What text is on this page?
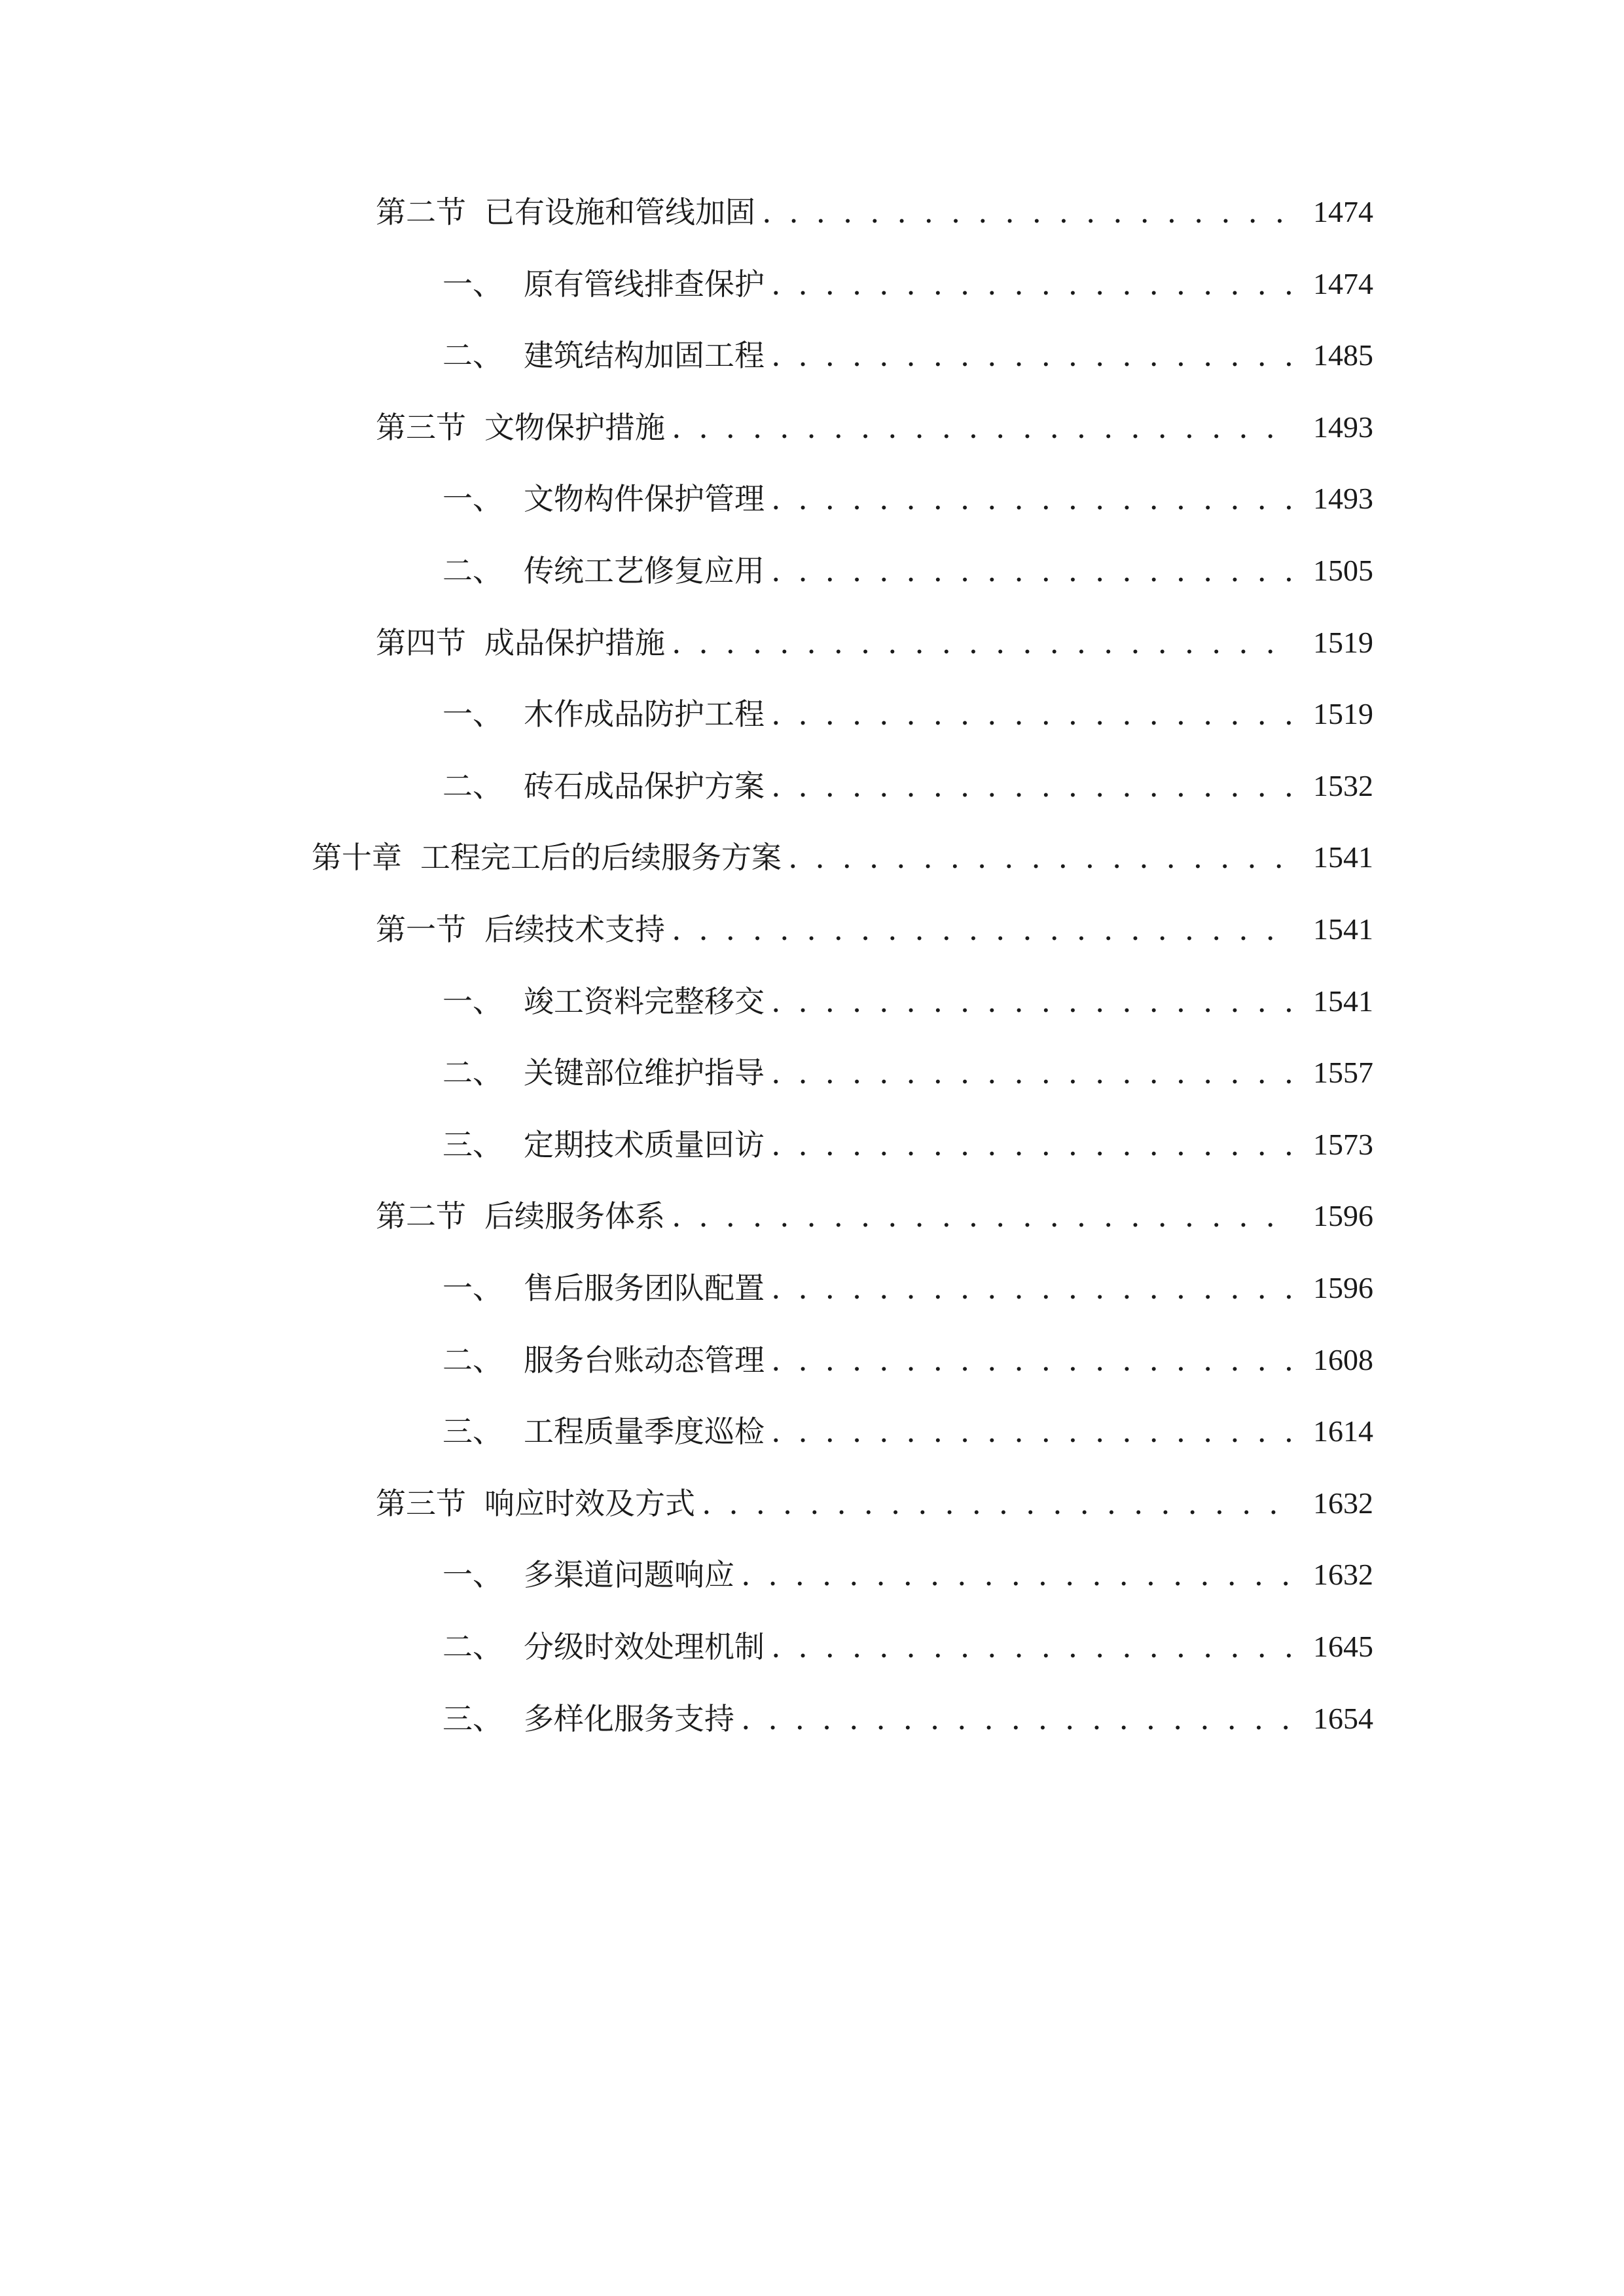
第二节 已有设施和管线加固 . . .	1474
一、 原有管线排查保护 . . .	1474
二、 建筑结构加固工程 . . .	1485
第三节 文物保护措施 . . .	1493
一、 文物构件保护管理 . . .	1493
二、 传统工艺修复应用 . . .	1505
第四节 成品保护措施 . . .	1519
一、 木作成品防护工程 . . .	1519
二、 砖石成品保护方案 . . .	1532
第十章 工程完工后的后续服务方案 . . .	1541
第一节 后续技术支持 . . .	1541
一、 竣工资料完整移交 . . .	1541
二、 关键部位维护指导 . . .	1557
三、 定期技术质量回访 . . .	1573
第二节 后续服务体系 . . .	1596
一、 售后服务团队配置 . . .	1596
二、 服务台账动态管理 . . .	1608
三、 工程质量季度巡检 . . .	1614
第三节 响应时效及方式 . . .	1632
一、 多渠道问题响应 . . .	1632
二、 分级时效处理机制 . . .	1645
三、 多样化服务支持 . . .	1654
